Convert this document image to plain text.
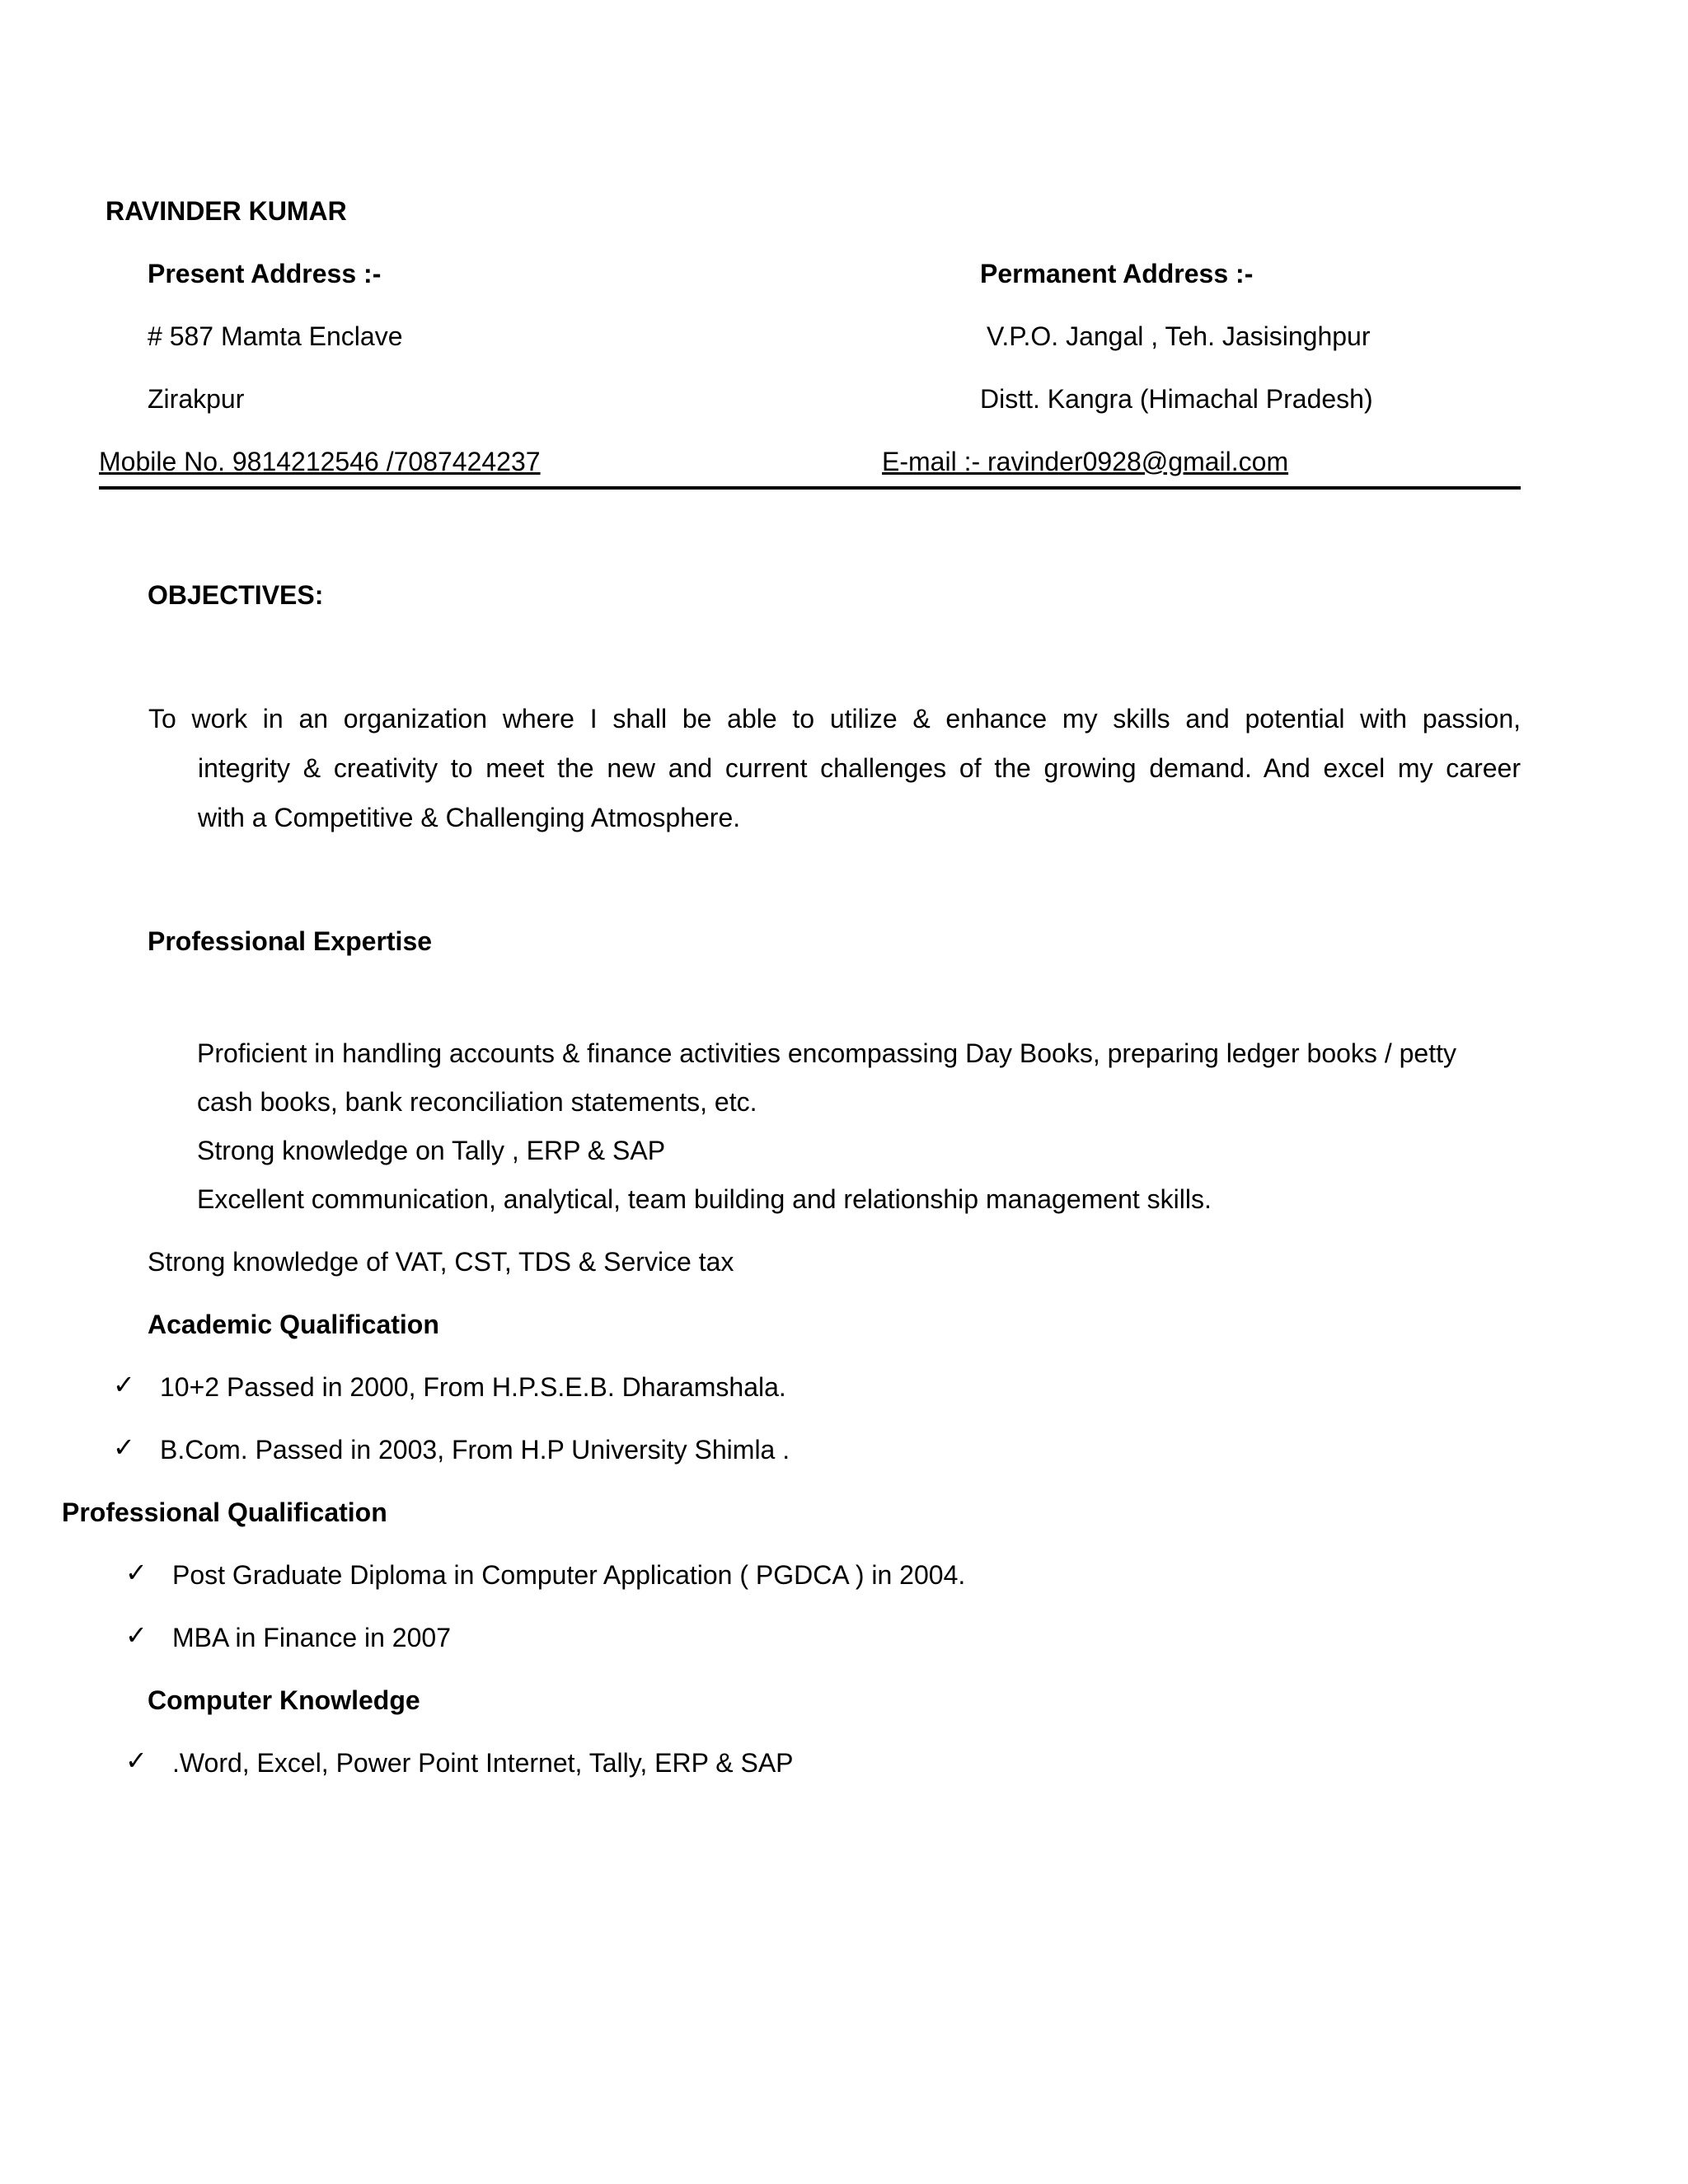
RAVINDER KUMAR
Present Address :-	Permanent Address :-
# 587 Mamta Enclave	V.P.O. Jangal , Teh. Jasisinghpur
Zirakpur	Distt. Kangra (Himachal Pradesh)
Mobile No. 9814212546 /7087424237	E-mail :- ravinder0928@gmail.com
OBJECTIVES:
To work in an organization where I shall be able to utilize & enhance my skills and potential with passion,
integrity & creativity to meet the new and current challenges of the growing demand. And excel my career
with a Competitive & Challenging Atmosphere.
Professional Expertise
Proficient in handling accounts & finance activities encompassing Day Books, preparing ledger books / petty
cash books, bank reconciliation statements, etc.
Strong knowledge on Tally , ERP & SAP
Excellent communication, analytical, team building and relationship management skills.
Strong knowledge of VAT, CST, TDS & Service tax
Academic Qualification
✓ 10+2 Passed in 2000, From H.P.S.E.B. Dharamshala.
✓ B.Com. Passed in 2003, From H.P University Shimla .
Professional Qualification
✓ Post Graduate Diploma in Computer Application ( PGDCA ) in 2004.
✓ MBA in Finance in 2007
Computer Knowledge
✓ .Word, Excel, Power Point Internet, Tally, ERP & SAP
